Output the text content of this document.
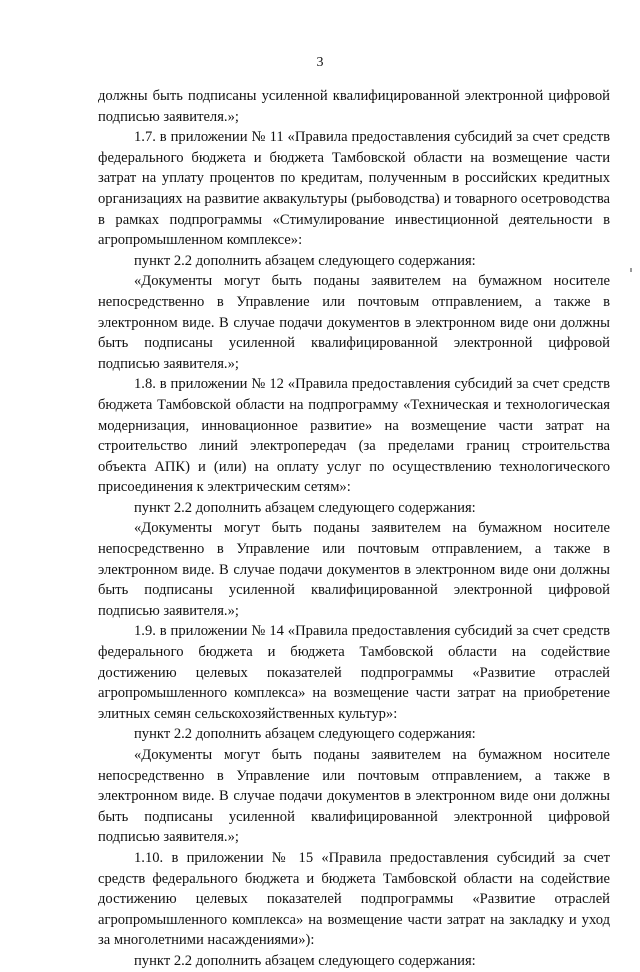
3

должны быть подписаны усиленной квалифицированной электронной цифровой подписью заявителя.»;

1.7. в приложении № 11 «Правила предоставления субсидий за счет средств федерального бюджета и бюджета Тамбовской области на возмещение части затрат на уплату процентов по кредитам, полученным в российских кредитных организациях на развитие аквакультуры (рыбоводства) и товарного осетроводства в рамках подпрограммы «Стимулирование инвестиционной деятельности в агропромышленном комплексе»:

пункт 2.2 дополнить абзацем следующего содержания:

«Документы могут быть поданы заявителем на бумажном носителе непосредственно в Управление или почтовым отправлением, а также в электронном виде. В случае подачи документов в электронном виде они должны быть подписаны усиленной квалифицированной электронной цифровой подписью заявителя.»;

1.8. в приложении № 12 «Правила предоставления субсидий за счет средств бюджета Тамбовской области на подпрограмму «Техническая и технологическая модернизация, инновационное развитие» на возмещение части затрат на строительство линий электропередач (за пределами границ строительства объекта АПК) и (или) на оплату услуг по осуществлению технологического присоединения к электрическим сетям»:

пункт 2.2 дополнить абзацем следующего содержания:

«Документы могут быть поданы заявителем на бумажном носителе непосредственно в Управление или почтовым отправлением, а также в электронном виде. В случае подачи документов в электронном виде они должны быть подписаны усиленной квалифицированной электронной цифровой подписью заявителя.»;

1.9. в приложении № 14 «Правила предоставления субсидий за счет средств федерального бюджета и бюджета Тамбовской области на содействие достижению целевых показателей подпрограммы «Развитие отраслей агропромышленного комплекса» на возмещение части затрат на приобретение элитных семян сельскохозяйственных культур»:

пункт 2.2 дополнить абзацем следующего содержания:

«Документы могут быть поданы заявителем на бумажном носителе непосредственно в Управление или почтовым отправлением, а также в электронном виде. В случае подачи документов в электронном виде они должны быть подписаны усиленной квалифицированной электронной цифровой подписью заявителя.»;

1.10. в приложении № 15 «Правила предоставления субсидий за счет средств федерального бюджета и бюджета Тамбовской области на содействие достижению целевых показателей подпрограммы «Развитие отраслей агропромышленного комплекса» на возмещение части затрат на закладку и уход за многолетними насаждениями»):

пункт 2.2 дополнить абзацем следующего содержания:
